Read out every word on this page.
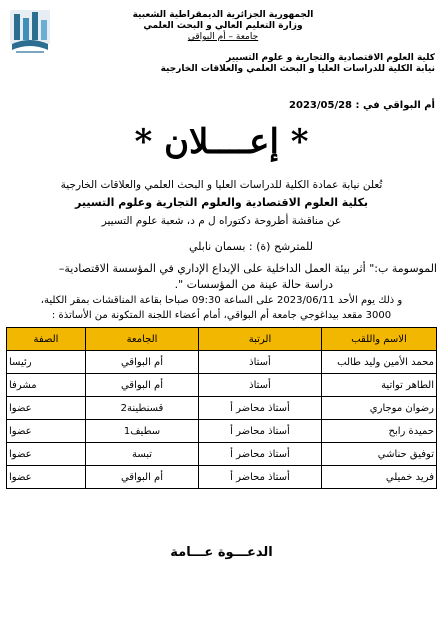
الجمهورية الجزائرية الديمقراطية الشعبية
وزارة التعليم العالي و البحث العلمي
جامعة – أم البواقي
كلية العلوم الاقتصادية والتجارية و علوم التسيير
نيابة الكلية للدراسات العليا و البحث العلمي والعلاقات الخارجية
أم البواقي في : 2023/05/28
* إعــــلان *
تُعلن نيابة عمادة الكلية للدراسات العليا و البحث العلمي والعلاقات الخارجية
بكلية العلوم الاقتصادية والعلوم التجارية وعلوم التسيير
عن مناقشة أطروحة دكتوراه ل م د، شعبة علوم التسيير
للمترشح (ة) : بسمان نابلي
الموسومة ب:" أثر بيئة العمل الداخلية على الإبداع الإداري في المؤسسة الاقتصادية–
دراسة حالة عينة من المؤسسات ".
و ذلك يوم الأحد 2023/06/11 على الساعة 09:30 صباحا بقاعة المناقشات بمقر الكلية،
3000 مقعد بيداغوجي جامعة أم البواقي، أمام أعضاء اللجنة المتكونة من الأساتذة :
الاسم واللقب	الرتبة	الجامعة	الصفة
محمد الأمين وليد طالب	أستاذ	أم البواقي	رئيسا
الطاهر تواتية	أستاذ	أم البواقي	مشرفا
رضوان موجاري	أستاذ محاضر أ	قسنطينة2	عضوا
حميدة رابح	أستاذ محاضر أ	سطيف1	عضوا
توفيق حناشي	أستاذ محاضر أ	تبسة	عضوا
فريد خميلي	أستاذ محاضر أ	أم البواقي	عضوا
الدعـــوة عـــامة
